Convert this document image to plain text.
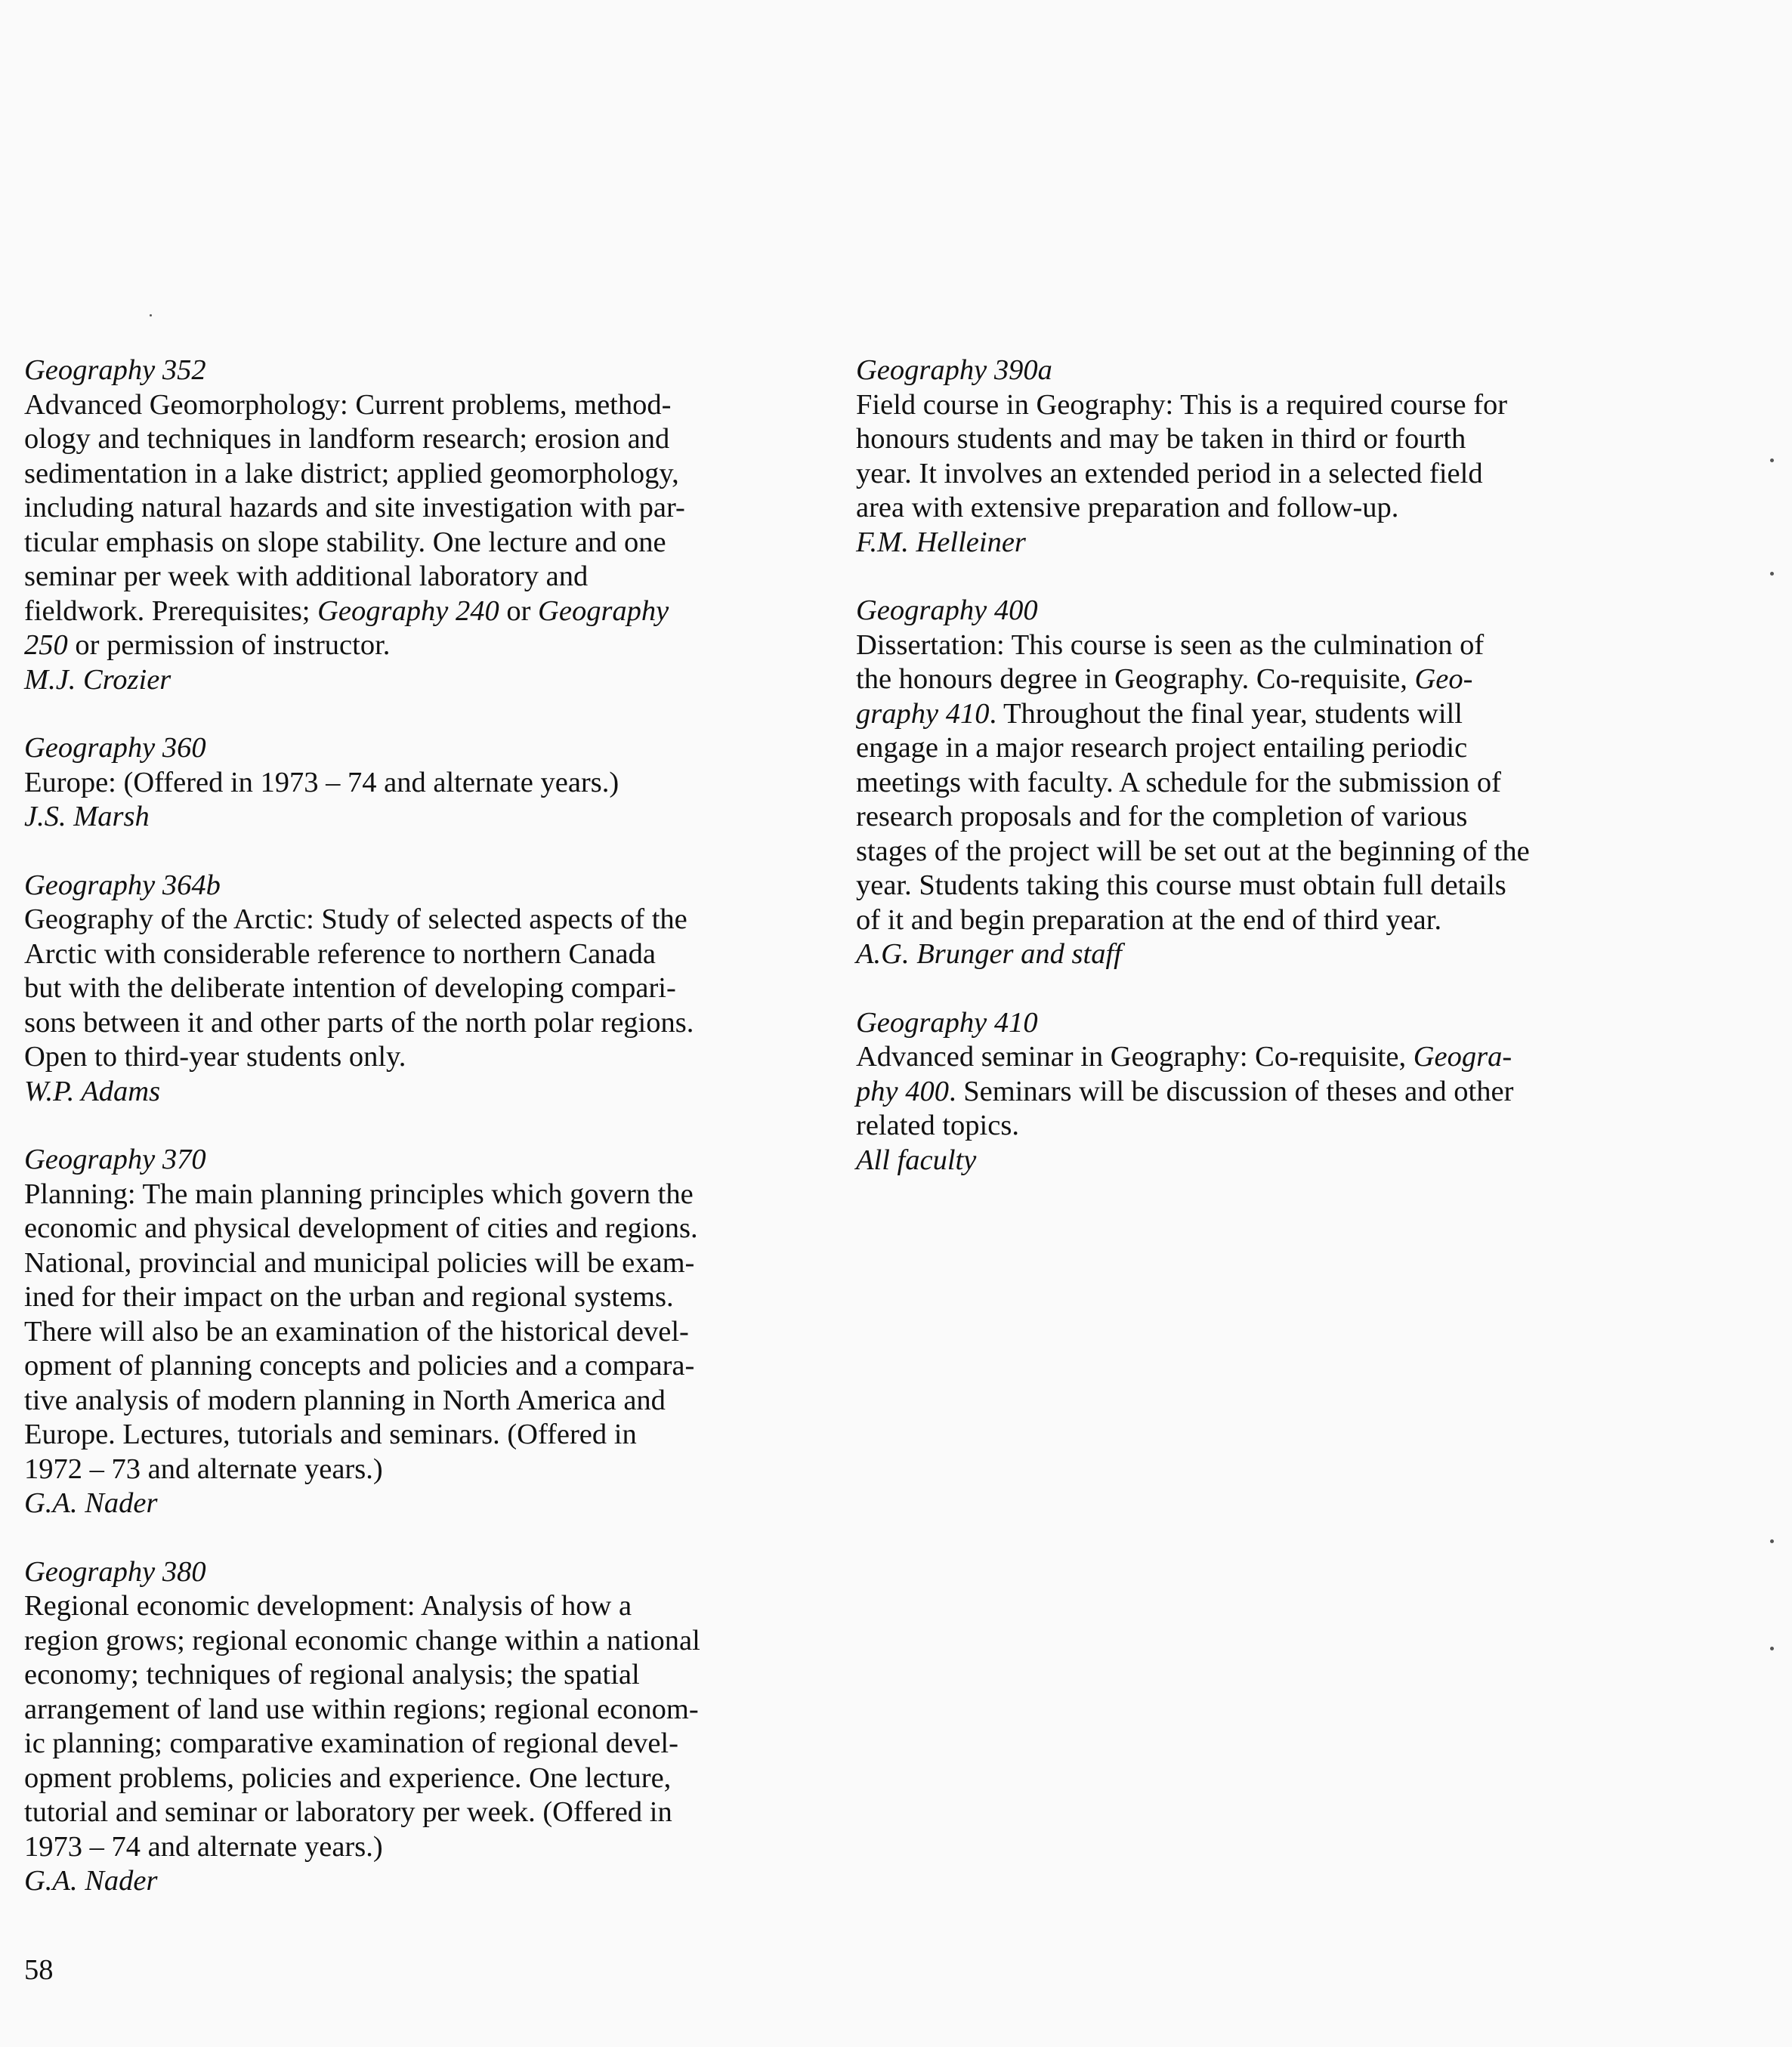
Geography 352
Advanced Geomorphology: Current problems, method-
ology and techniques in landform research; erosion and
sedimentation in a lake district; applied geomorphology,
including natural hazards and site investigation with par-
ticular emphasis on slope stability. One lecture and one
seminar per week with additional laboratory and
fieldwork. Prerequisites; Geography 240 or Geography
250 or permission of instructor.
M.J. Crozier
Geography 360
Europe: (Offered in 1973 – 74 and alternate years.)
J.S. Marsh
Geography 364b
Geography of the Arctic: Study of selected aspects of the
Arctic with considerable reference to northern Canada
but with the deliberate intention of developing compari-
sons between it and other parts of the north polar regions.
Open to third-year students only.
W.P. Adams
Geography 370
Planning: The main planning principles which govern the
economic and physical development of cities and regions.
National, provincial and municipal policies will be exam-
ined for their impact on the urban and regional systems.
There will also be an examination of the historical devel-
opment of planning concepts and policies and a compara-
tive analysis of modern planning in North America and
Europe. Lectures, tutorials and seminars. (Offered in
1972 – 73 and alternate years.)
G.A. Nader
Geography 380
Regional economic development: Analysis of how a
region grows; regional economic change within a national
economy; techniques of regional analysis; the spatial
arrangement of land use within regions; regional econom-
ic planning; comparative examination of regional devel-
opment problems, policies and experience. One lecture,
tutorial and seminar or laboratory per week. (Offered in
1973 – 74 and alternate years.)
G.A. Nader
Geography 390a
Field course in Geography: This is a required course for
honours students and may be taken in third or fourth
year. It involves an extended period in a selected field
area with extensive preparation and follow-up.
F.M. Helleiner
Geography 400
Dissertation: This course is seen as the culmination of
the honours degree in Geography. Co-requisite, Geo-
graphy 410. Throughout the final year, students will
engage in a major research project entailing periodic
meetings with faculty. A schedule for the submission of
research proposals and for the completion of various
stages of the project will be set out at the beginning of the
year. Students taking this course must obtain full details
of it and begin preparation at the end of third year.
A.G. Brunger and staff
Geography 410
Advanced seminar in Geography: Co-requisite, Geogra-
phy 400. Seminars will be discussion of theses and other
related topics.
All faculty
58
